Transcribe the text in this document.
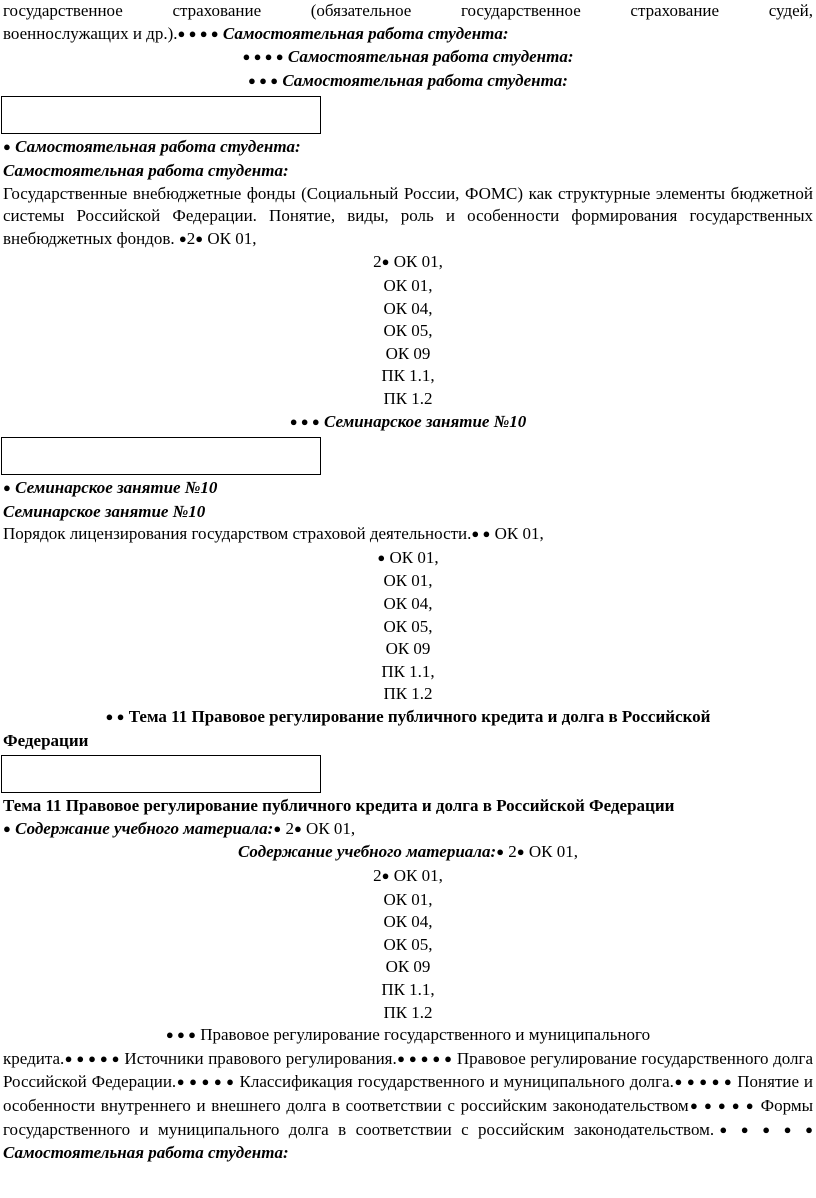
государственное страхование (обязательное государственное страхование судей,

военнослужащих и др.).● ● ● ● Самостоятельная работа студента:

● ● ● ● Самостоятельная работа студента:

● ● ● Самостоятельная работа студента:

● Самостоятельная работа студента:

Самостоятельная работа студента:

Государственные внебюджетные фонды (Социальный России, ФОМС) как структурные элементы бюджетной системы Российской Федерации. Понятие, виды, роль и особенности формирования государственных внебюджетных фондов. ●2● ОК 01,

2● ОК 01,

ОК 01,

ОК 04,

ОК 05,

ОК 09

ПК 1.1,

ПК 1.2

● ● ● Семинарское занятие №10

● Семинарское занятие №10

Семинарское занятие №10

Порядок лицензирования государством страховой деятельности.● ● ОК 01,

● ОК 01,

ОК 01,

ОК 04,

ОК 05,

ОК 09

ПК 1.1,

ПК 1.2

● ● Тема 11 Правовое регулирование публичного кредита и долга в Российской

Федерации

Тема 11 Правовое регулирование публичного кредита и долга в Российской Федерации

● Содержание учебного материала:● 2● ОК 01,

Содержание учебного материала:● 2● ОК 01,

2● ОК 01,

ОК 01,

ОК 04,

ОК 05,

ОК 09

ПК 1.1,

ПК 1.2

● ● ● Правовое регулирование государственного и муниципального

кредита.● ● ● ● ● Источники правового регулирования.● ● ● ● ● Правовое регулирование государственного долга Российской Федерации.● ● ● ● ● Классификация государственного и муниципального долга.● ● ● ● ● Понятие и особенности внутреннего и внешнего долга в соответствии с российским законодательством● ● ● ● ● Формы государственного и муниципального долга в соответствии с российским законодательством.● ● ● ● ● Самостоятельная работа студента:
